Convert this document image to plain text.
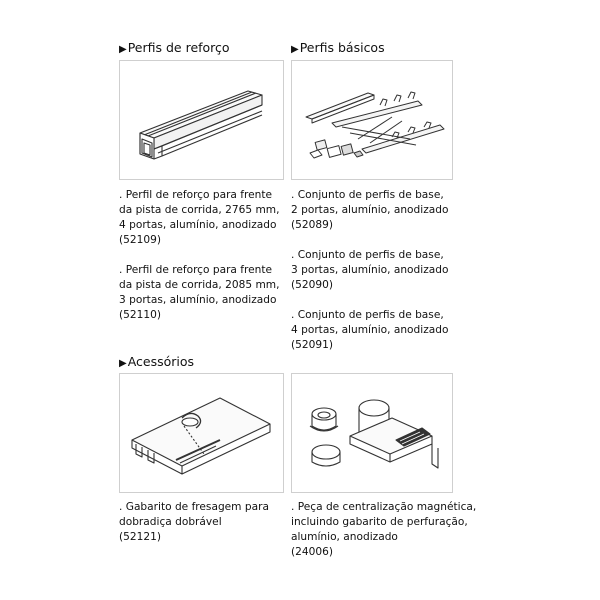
▶Perfis de reforço

. Perfil de reforço para frente

da pista de corrida, 2765 mm,

4 portas, alumínio, anodizado

(52109)

. Perfil de reforço para frente

da pista de corrida, 2085 mm,

3 portas, alumínio, anodizado

(52110)

▶Perfis básicos

. Conjunto de perfis de base,

2 portas, alumínio, anodizado

(52089)

. Conjunto de perfis de base,

3 portas, alumínio, anodizado

(52090)

. Conjunto de perfis de base,

4 portas, alumínio, anodizado

(52091)

▶Acessórios

. Gabarito de fresagem para

dobradiça dobrável

(52121)

. Peça de centralização magnética,

incluindo gabarito de perfuração,

alumínio, anodizado

(24006)
